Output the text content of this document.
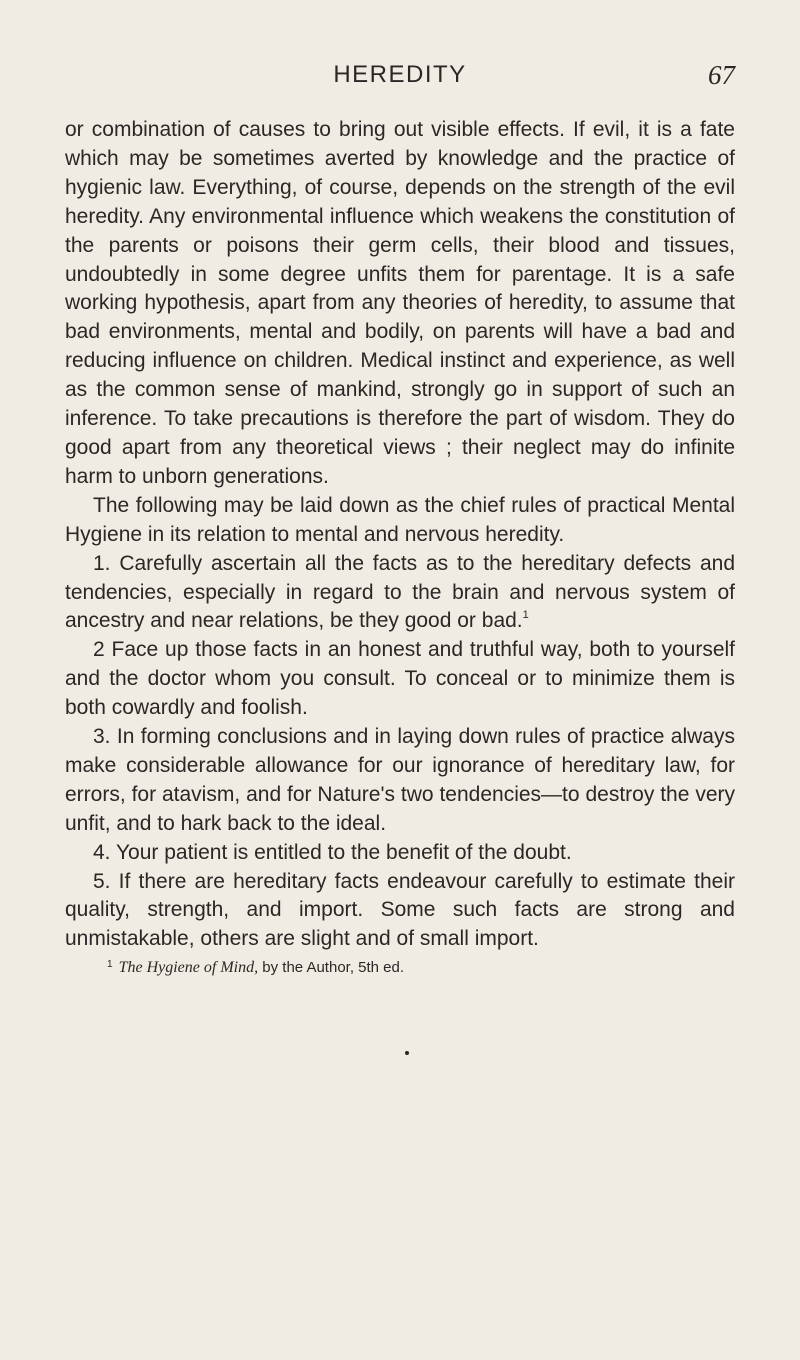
HEREDITY	67

or combination of causes to bring out visible effects. If evil, it is a fate which may be sometimes averted by knowledge and the practice of hygienic law. Everything, of course, depends on the strength of the evil heredity. Any environmental influence which weakens the constitution of the parents or poisons their germ cells, their blood and tissues, undoubtedly in some degree unfits them for parentage. It is a safe working hypothesis, apart from any theories of heredity, to assume that bad environments, mental and bodily, on parents will have a bad and reducing influence on children. Medical instinct and experience, as well as the common sense of mankind, strongly go in support of such an inference. To take precautions is therefore the part of wisdom. They do good apart from any theoretical views ; their neglect may do infinite harm to unborn generations.

The following may be laid down as the chief rules of practical Mental Hygiene in its relation to mental and nervous heredity.

1. Carefully ascertain all the facts as to the hereditary defects and tendencies, especially in regard to the brain and nervous system of ancestry and near relations, be they good or bad.$^1$

2 Face up those facts in an honest and truthful way, both to yourself and the doctor whom you consult. To conceal or to minimize them is both cowardly and foolish.

3. In forming conclusions and in laying down rules of practice always make considerable allowance for our ignorance of hereditary law, for errors, for atavism, and for Nature's two tendencies—to destroy the very unfit, and to hark back to the ideal.

4. Your patient is entitled to the benefit of the doubt.

5. If there are hereditary facts endeavour carefully to estimate their quality, strength, and import. Some such facts are strong and unmistakable, others are slight and of small import.

$^1$ The Hygiene of Mind, by the Author, 5th ed.
